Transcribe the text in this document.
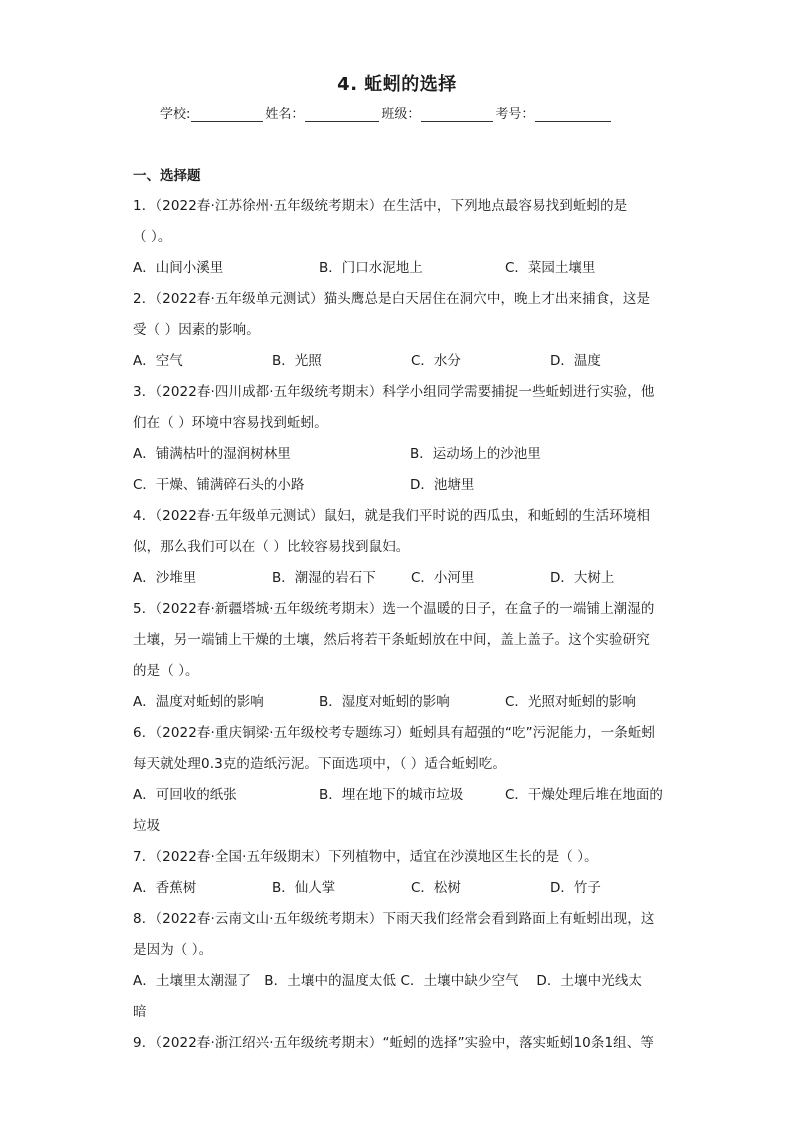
4. 蚯蚓的选择
学校:	姓名：	班级：	考号：
一、选择题
1．（2022春·江苏徐州·五年级统考期末）在生活中，下列地点最容易找到蚯蚓的是
（ ）。
A．山间小溪里	B．门口水泥地上	C．菜园土壤里
2．（2022春·五年级单元测试）猫头鹰总是白天居住在洞穴中，晚上才出来捕食，这是
受（ ）因素的影响。
A．空气	B．光照	C．水分	D．温度
3．（2022春·四川成都·五年级统考期末）科学小组同学需要捕捉一些蚯蚓进行实验，他
们在（ ）环境中容易找到蚯蚓。
A．铺满枯叶的湿润树林里	B．运动场上的沙池里
C．干燥、铺满碎石头的小路	D．池塘里
4．（2022春·五年级单元测试）鼠妇，就是我们平时说的西瓜虫，和蚯蚓的生活环境相
似，那么我们可以在（ ）比较容易找到鼠妇。
A．沙堆里	B．潮湿的岩石下	C．小河里	D．大树上
5．（2022春·新疆塔城·五年级统考期末）选一个温暖的日子，在盒子的一端铺上潮湿的
土壤，另一端铺上干燥的土壤，然后将若干条蚯蚓放在中间，盖上盖子。这个实验研究
的是（ ）。
A．温度对蚯蚓的影响	B．湿度对蚯蚓的影响	C．光照对蚯蚓的影响
6．（2022春·重庆铜梁·五年级校考专题练习）蚯蚓具有超强的“吃”污泥能力，一条蚯蚓
每天就处理0.3克的造纸污泥。下面选项中，（ ）适合蚯蚓吃。
A．可回收的纸张	B．埋在地下的城市垃圾	C．干燥处理后堆在地面的
垃圾
7．（2022春·全国·五年级期末）下列植物中，适宜在沙漠地区生长的是（ ）。
A．香蕉树	B．仙人掌	C．松树	D．竹子
8．（2022春·云南文山·五年级统考期末）下雨天我们经常会看到路面上有蚯蚓出现，这
是因为（ ）。
A．土壤里太潮湿了   B．土壤中的温度太低 C．土壤中缺少空气    D．土壤中光线太
暗
9．（2022春·浙江绍兴·五年级统考期末）“蚯蚓的选择”实验中，落实蚯蚓10条1组、等
